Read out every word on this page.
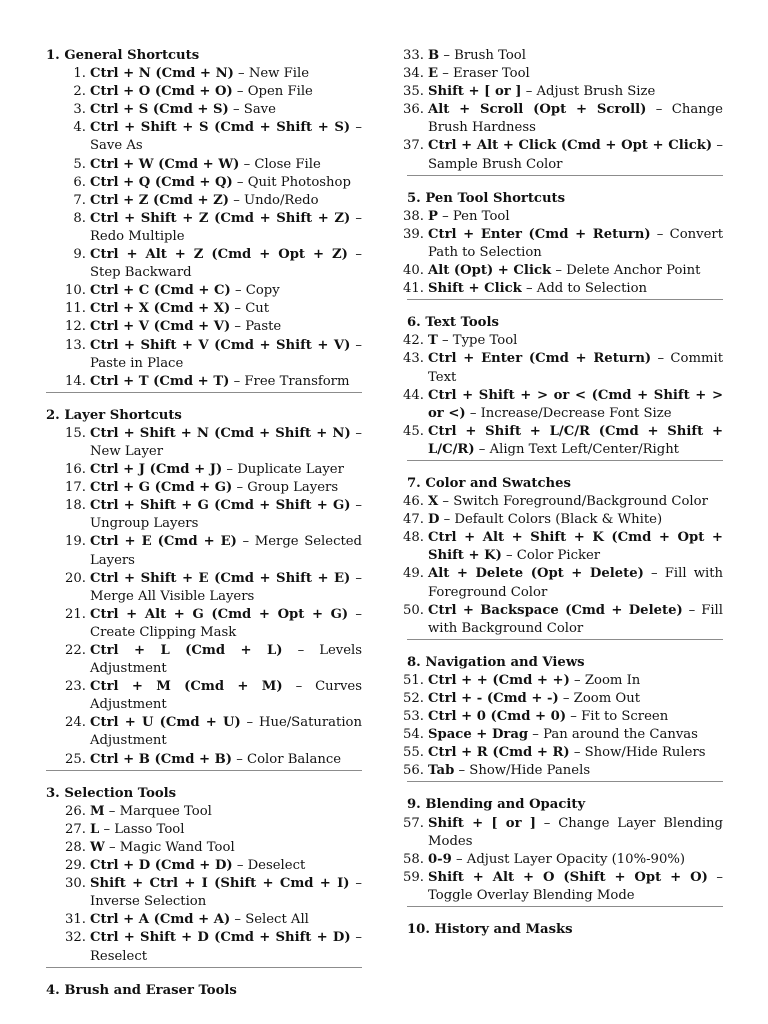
1. General Shortcuts
1. Ctrl + N (Cmd + N) – New File
2. Ctrl + O (Cmd + O) – Open File
3. Ctrl + S (Cmd + S) – Save
4. Ctrl + Shift + S (Cmd + Shift + S) – Save As
5. Ctrl + W (Cmd + W) – Close File
6. Ctrl + Q (Cmd + Q) – Quit Photoshop
7. Ctrl + Z (Cmd + Z) – Undo/Redo
8. Ctrl + Shift + Z (Cmd + Shift + Z) – Redo Multiple
9. Ctrl + Alt + Z (Cmd + Opt + Z) – Step Backward
10. Ctrl + C (Cmd + C) – Copy
11. Ctrl + X (Cmd + X) – Cut
12. Ctrl + V (Cmd + V) – Paste
13. Ctrl + Shift + V (Cmd + Shift + V) – Paste in Place
14. Ctrl + T (Cmd + T) – Free Transform
2. Layer Shortcuts
15. Ctrl + Shift + N (Cmd + Shift + N) – New Layer
16. Ctrl + J (Cmd + J) – Duplicate Layer
17. Ctrl + G (Cmd + G) – Group Layers
18. Ctrl + Shift + G (Cmd + Shift + G) – Ungroup Layers
19. Ctrl + E (Cmd + E) – Merge Selected Layers
20. Ctrl + Shift + E (Cmd + Shift + E) – Merge All Visible Layers
21. Ctrl + Alt + G (Cmd + Opt + G) – Create Clipping Mask
22. Ctrl + L (Cmd + L) – Levels Adjustment
23. Ctrl + M (Cmd + M) – Curves Adjustment
24. Ctrl + U (Cmd + U) – Hue/Saturation Adjustment
25. Ctrl + B (Cmd + B) – Color Balance
3. Selection Tools
26. M – Marquee Tool
27. L – Lasso Tool
28. W – Magic Wand Tool
29. Ctrl + D (Cmd + D) – Deselect
30. Shift + Ctrl + I (Shift + Cmd + I) – Inverse Selection
31. Ctrl + A (Cmd + A) – Select All
32. Ctrl + Shift + D (Cmd + Shift + D) – Reselect
4. Brush and Eraser Tools
33. B – Brush Tool
34. E – Eraser Tool
35. Shift + [ or ] – Adjust Brush Size
36. Alt + Scroll (Opt + Scroll) – Change Brush Hardness
37. Ctrl + Alt + Click (Cmd + Opt + Click) – Sample Brush Color
5. Pen Tool Shortcuts
38. P – Pen Tool
39. Ctrl + Enter (Cmd + Return) – Convert Path to Selection
40. Alt (Opt) + Click – Delete Anchor Point
41. Shift + Click – Add to Selection
6. Text Tools
42. T – Type Tool
43. Ctrl + Enter (Cmd + Return) – Commit Text
44. Ctrl + Shift + > or < (Cmd + Shift + > or <) – Increase/Decrease Font Size
45. Ctrl + Shift + L/C/R (Cmd + Shift + L/C/R) – Align Text Left/Center/Right
7. Color and Swatches
46. X – Switch Foreground/Background Color
47. D – Default Colors (Black & White)
48. Ctrl + Alt + Shift + K (Cmd + Opt + Shift + K) – Color Picker
49. Alt + Delete (Opt + Delete) – Fill with Foreground Color
50. Ctrl + Backspace (Cmd + Delete) – Fill with Background Color
8. Navigation and Views
51. Ctrl + + (Cmd + +) – Zoom In
52. Ctrl + - (Cmd + -) – Zoom Out
53. Ctrl + 0 (Cmd + 0) – Fit to Screen
54. Space + Drag – Pan around the Canvas
55. Ctrl + R (Cmd + R) – Show/Hide Rulers
56. Tab – Show/Hide Panels
9. Blending and Opacity
57. Shift + [ or ] – Change Layer Blending Modes
58. 0-9 – Adjust Layer Opacity (10%-90%)
59. Shift + Alt + O (Shift + Opt + O) – Toggle Overlay Blending Mode
10. History and Masks
